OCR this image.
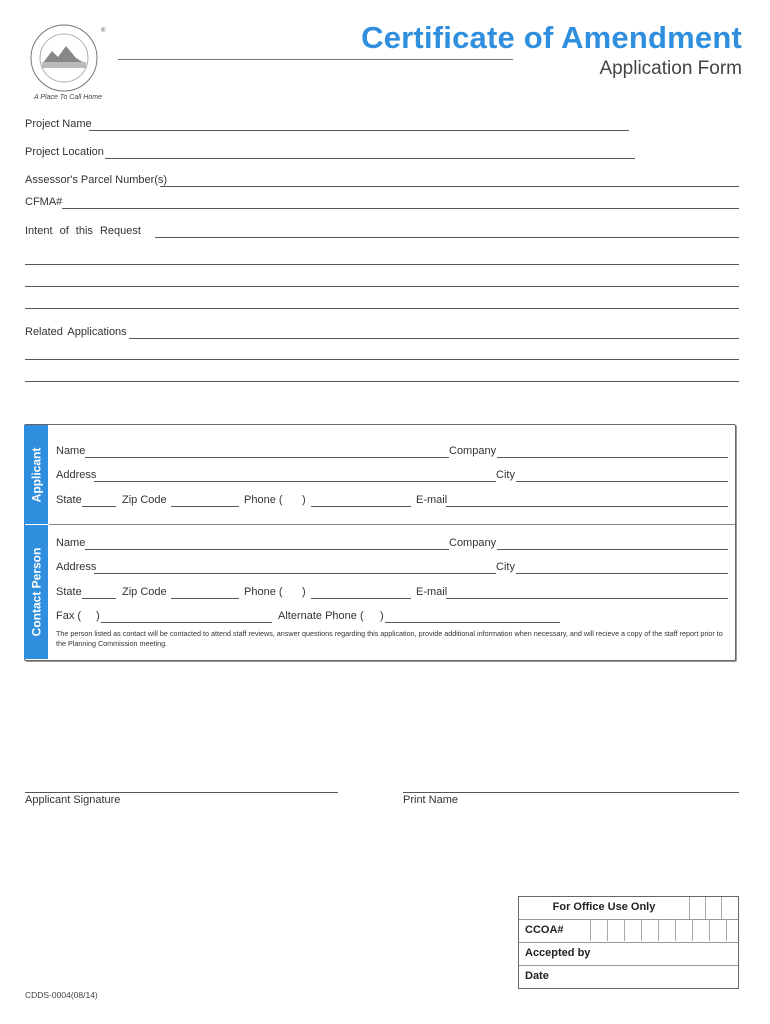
®
A Place To Call Home
Certificate of Amendment
Application Form
Project Name
Project Location
Assessor's Parcel Number(s)
CFMA#
Intent of this Request
Related Applications
Applicant
Contact Person
Name	Company
Address	City
State	Zip Code	Phone ( )	E-mail
Name	Company
Address	City
State	Zip Code	Phone ( )	E-mail
Fax ( )	Alternate Phone ( )
The person listed as contact will be contacted to attend staff reviews, answer questions regarding this application, provide additional information when necessary, and will recieve a copy of the staff report prior to the Planning Commission meeting.
Applicant Signature	Print Name
For Office Use Only
CCOA#
Accepted by
Date
CDDS-0004(08/14)
